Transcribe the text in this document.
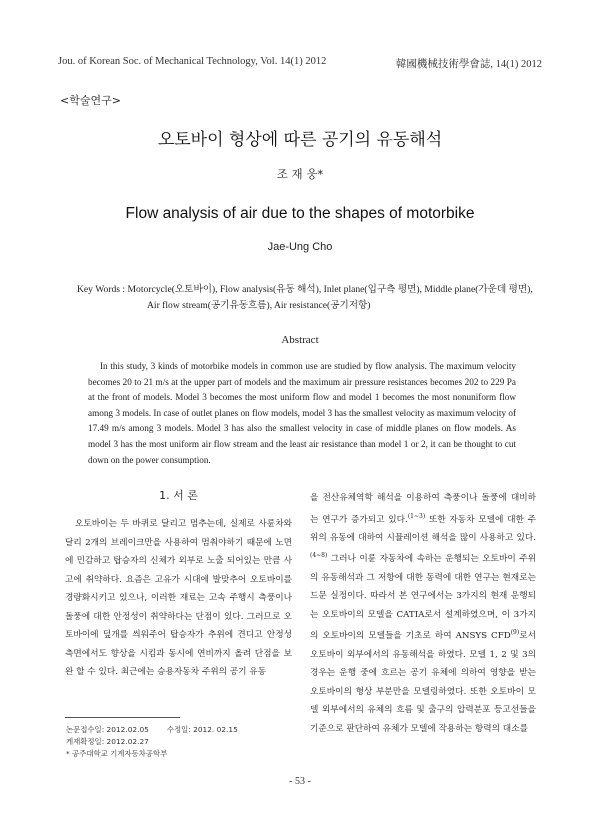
Jou. of Korean Soc. of Mechanical Technology, Vol. 14(1) 2012	韓國機械技術學會誌, 14(1) 2012
<학술연구>
오토바이 형상에 따른 공기의 유동해석
조 재 웅*
Flow analysis of air due to the shapes of motorbike
Jae-Ung Cho
Key Words : Motorcycle(오토바이), Flow analysis(유동 해석), Inlet plane(입구측 평면), Middle plane(가운데 평면),
Air flow stream(공기유동흐름), Air resistance(공기저항)
Abstract
In this study, 3 kinds of motorbike models in common use are studied by flow analysis. The maximum velocity becomes 20 to 21 m/s at the upper part of models and the maximum air pressure resistances becomes 202 to 229 Pa at the front of models. Model 3 becomes the most uniform flow and model 1 becomes the most nonuniform flow among 3 models. In case of outlet planes on flow models, model 3 has the smallest velocity as maximum velocity of 17.49 m/s among 3 models. Model 3 has also the smallest velocity in case of middle planes on flow models. As model 3 has the most uniform air flow stream and the least air resistance than model 1 or 2, it can be thought to cut down on the power consumption.
1. 서 론

오토바이는 두 바퀴로 달리고 멈추는데, 실제로 사륜차와 달리 2개의 브레이크만을 사용하여 멈춰야하기 때문에 노면에 민감하고 탑승자의 신체가 외부로 노출 되어있는 만큼 사고에 취약하다. 요즘은 고유가 시대에 발맞추어 오토바이를 경량화시키고 있으나, 이러한 재료는 고속 주행시 측풍이나 돌풍에 대한 안정성이 취약하다는 단점이 있다. 그러므로 오토바이에 덮개를 씌워주어 탑승자가 추위에 견디고 안정성 측면에서도 향상을 시킴과 동시에 연비까지 올려 단점을 보완 할 수 있다. 최근에는 승용자동차 주위의 공기 유동

을 전산유체역학 해석을 이용하여 측풍이나 돌풍에 대비하는 연구가 증가되고 있다.$^{(1\sim 3)}$ 또한 자동차 모델에 대한 주위의 유동에 대하여 시뮬레이션 해석을 많이 사용하고 있다.$^{(4\sim 8)}$ 그러나 이륜 자동차에 속하는 운행되는 오토바이 주위의 유동해석과 그 저항에 대한 동력에 대한 연구는 현재로는 드문 실정이다. 따라서 본 연구에서는 3가지의 현재 운행되는 오토바이의 모델을 CATIA로서 설계하였으며, 이 3가지의 오토바이의 모델들을 기초로 하여 ANSYS CFD$^{(9)}$로서 오토바이 외부에서의 유동해석을 하였다. 모델 1, 2 및 3의 경우는 운행 중에 흐르는 공기 유체에 의하여 영향을 받는 오토바이의 형상 부분만을 모델링하였다. 또한 오토바이 모델 외부에서의 유체의 흐름 및 출구의 압력분포 등고선들을 기준으로 판단하여 유체가 모델에 작용하는 항력의 대소를

논문접수일: 2012.02.05 수정일: 2012. 02.15
게재확정일: 2012.02.27
* 공주대학교 기계자동차공학부
- 53 -
